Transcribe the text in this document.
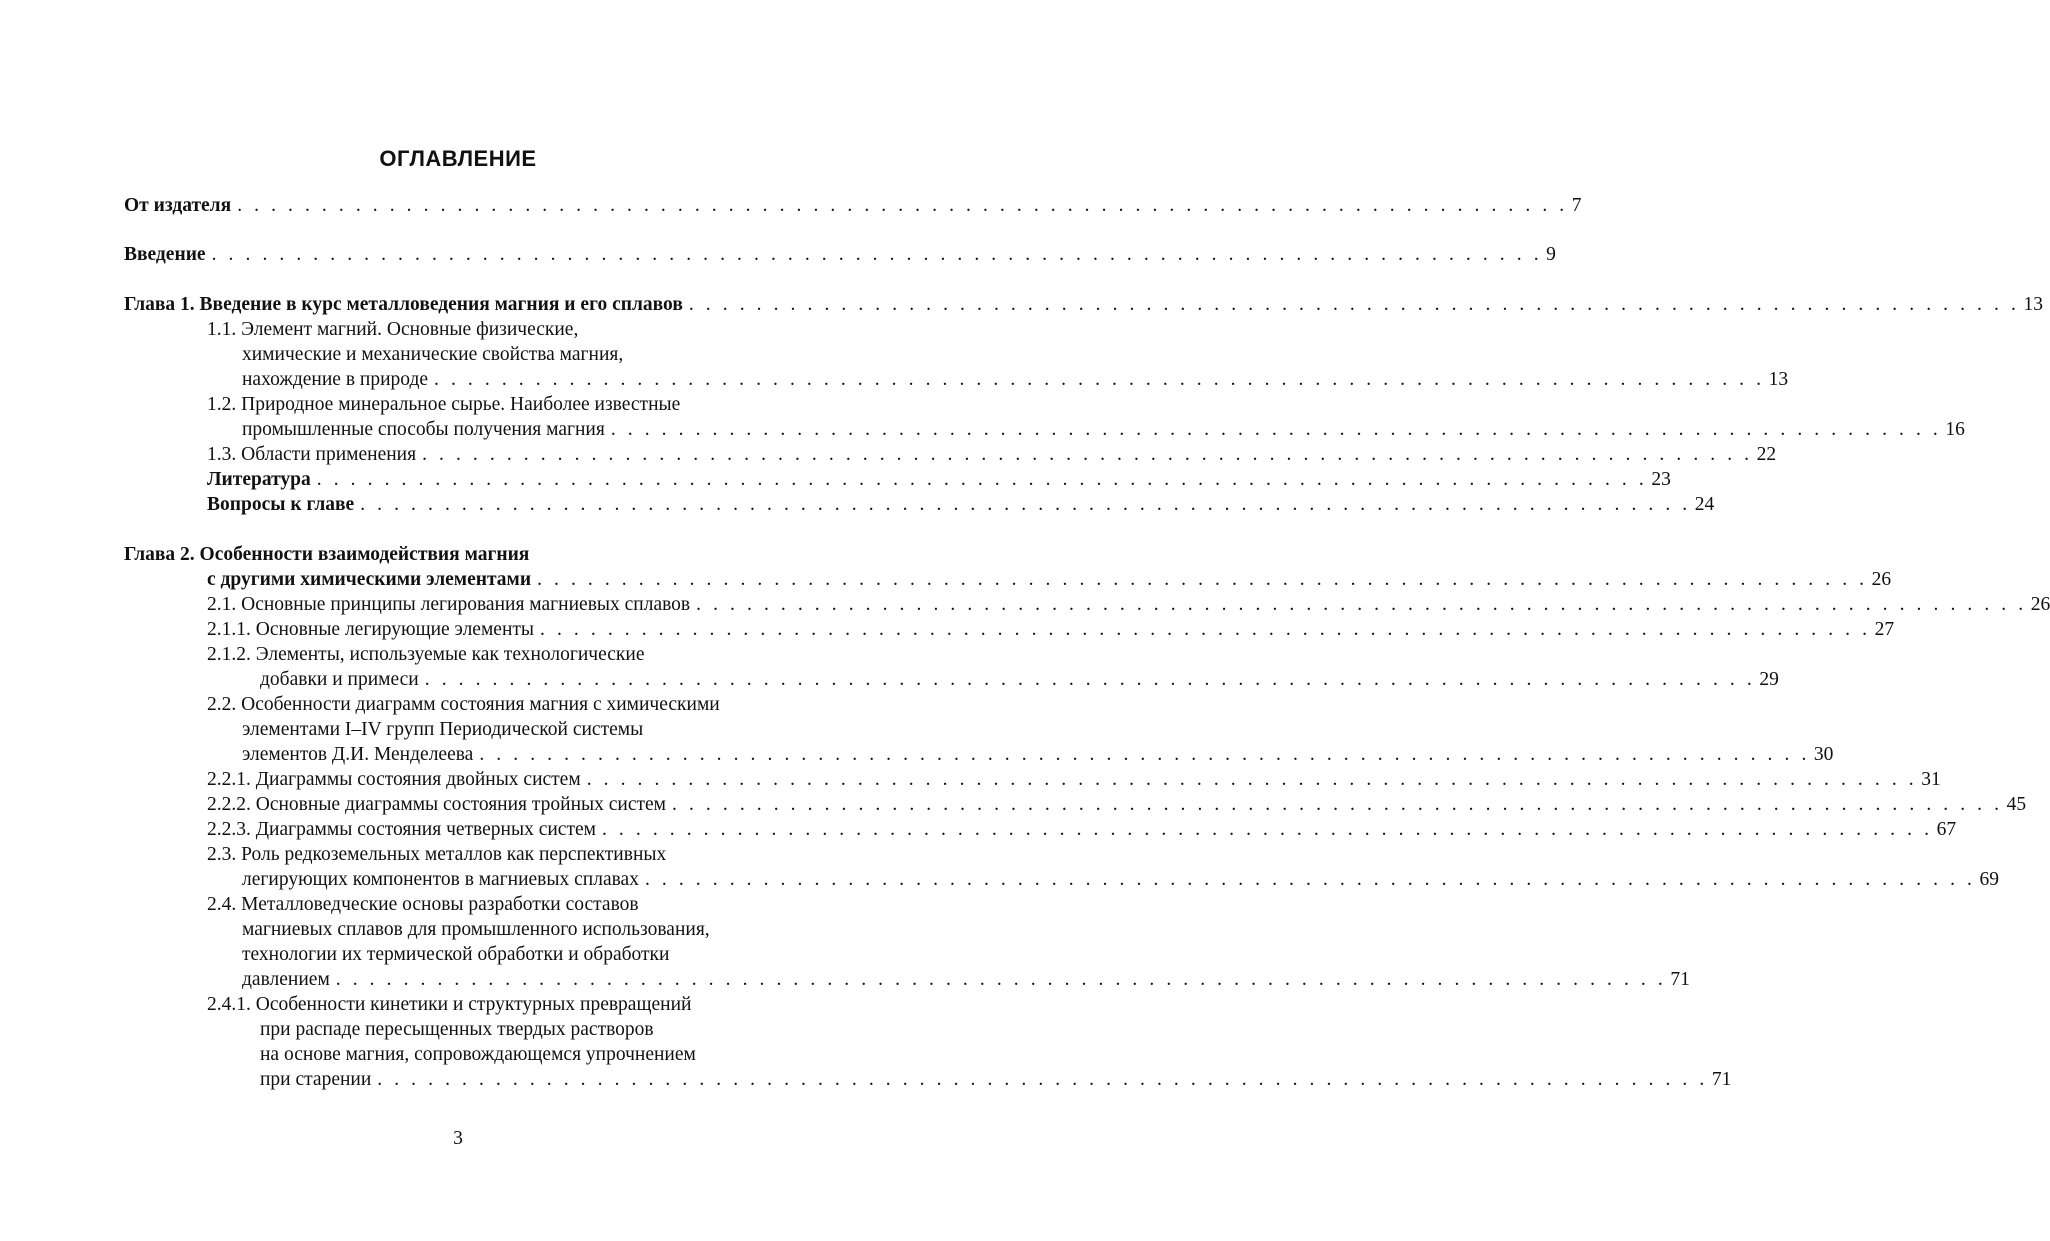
ОГЛАВЛЕНИЕ
От издателя . . . . . . . . . . . . . . . . . . . . . . . . . . . . . . . . . . . . . . . . . . . . . . . . . . . . . . . . . . . . . . . . . . . . . . . . . . . . . . . 7
Введение . . . . . . . . . . . . . . . . . . . . . . . . . . . . . . . . . . . . . . . . . . . . . . . . . . . . . . . . . . . . . . . . . . . . . . . . . . . . . . . 9
Глава 1. Введение в курс металловедения магния и его сплавов . . . . . . . . . . . . . . . . . . . . . . . . . . . . . . . . . . . . . . . . . . . . . . . . . . . . . . . . . . . . . . . . . . . . . . . . . . . . . . . 13
1.1. Элемент магний. Основные физические,
химические и механические свойства магния,
нахождение в природе . . . . . . . . . . . . . . . . . . . . . . . . . . . . . . . . . . . . . . . . . . . . . . . . . . . . . . . . . . . . . . . . . . . . . . . . . . . . . . . 13
1.2. Природное минеральное сырье. Наиболее известные
промышленные способы получения магния . . . . . . . . . . . . . . . . . . . . . . . . . . . . . . . . . . . . . . . . . . . . . . . . . . . . . . . . . . . . . . . . . . . . . . . . . . . . . . . 16
1.3. Области применения . . . . . . . . . . . . . . . . . . . . . . . . . . . . . . . . . . . . . . . . . . . . . . . . . . . . . . . . . . . . . . . . . . . . . . . . . . . . . . . 22
Литература . . . . . . . . . . . . . . . . . . . . . . . . . . . . . . . . . . . . . . . . . . . . . . . . . . . . . . . . . . . . . . . . . . . . . . . . . . . . . . . 23
Вопросы к главе . . . . . . . . . . . . . . . . . . . . . . . . . . . . . . . . . . . . . . . . . . . . . . . . . . . . . . . . . . . . . . . . . . . . . . . . . . . . . . . 24
Глава 2. Особенности взаимодействия магния
с другими химическими элементами . . . . . . . . . . . . . . . . . . . . . . . . . . . . . . . . . . . . . . . . . . . . . . . . . . . . . . . . . . . . . . . . . . . . . . . . . . . . . . . 26
2.1. Основные принципы легирования магниевых сплавов . . . . . . . . . . . . . . . . . . . . . . . . . . . . . . . . . . . . . . . . . . . . . . . . . . . . . . . . . . . . . . . . . . . . . . . . . . . . . . . 26
2.1.1. Основные легирующие элементы . . . . . . . . . . . . . . . . . . . . . . . . . . . . . . . . . . . . . . . . . . . . . . . . . . . . . . . . . . . . . . . . . . . . . . . . . . . . . . . 27
2.1.2. Элементы, используемые как технологические
добавки и примеси . . . . . . . . . . . . . . . . . . . . . . . . . . . . . . . . . . . . . . . . . . . . . . . . . . . . . . . . . . . . . . . . . . . . . . . . . . . . . . . 29
2.2. Особенности диаграмм состояния магния с химическими
элементами I–IV групп Периодической системы
элементов Д.И. Менделеева . . . . . . . . . . . . . . . . . . . . . . . . . . . . . . . . . . . . . . . . . . . . . . . . . . . . . . . . . . . . . . . . . . . . . . . . . . . . . . . 30
2.2.1. Диаграммы состояния двойных систем . . . . . . . . . . . . . . . . . . . . . . . . . . . . . . . . . . . . . . . . . . . . . . . . . . . . . . . . . . . . . . . . . . . . . . . . . . . . . . . 31
2.2.2. Основные диаграммы состояния тройных систем . . . . . . . . . . . . . . . . . . . . . . . . . . . . . . . . . . . . . . . . . . . . . . . . . . . . . . . . . . . . . . . . . . . . . . . . . . . . . . . 45
2.2.3. Диаграммы состояния четверных систем . . . . . . . . . . . . . . . . . . . . . . . . . . . . . . . . . . . . . . . . . . . . . . . . . . . . . . . . . . . . . . . . . . . . . . . . . . . . . . . 67
2.3. Роль редкоземельных металлов как перспективных
легирующих компонентов в магниевых сплавах . . . . . . . . . . . . . . . . . . . . . . . . . . . . . . . . . . . . . . . . . . . . . . . . . . . . . . . . . . . . . . . . . . . . . . . . . . . . . . . 69
2.4. Металловедческие основы разработки составов
магниевых сплавов для промышленного использования,
технологии их термической обработки и обработки
давлением . . . . . . . . . . . . . . . . . . . . . . . . . . . . . . . . . . . . . . . . . . . . . . . . . . . . . . . . . . . . . . . . . . . . . . . . . . . . . . . 71
2.4.1. Особенности кинетики и структурных превращений
при распаде пересыщенных твердых растворов
на основе магния, сопровождающемся упрочнением
при старении . . . . . . . . . . . . . . . . . . . . . . . . . . . . . . . . . . . . . . . . . . . . . . . . . . . . . . . . . . . . . . . . . . . . . . . . . . . . . . . 71
3
